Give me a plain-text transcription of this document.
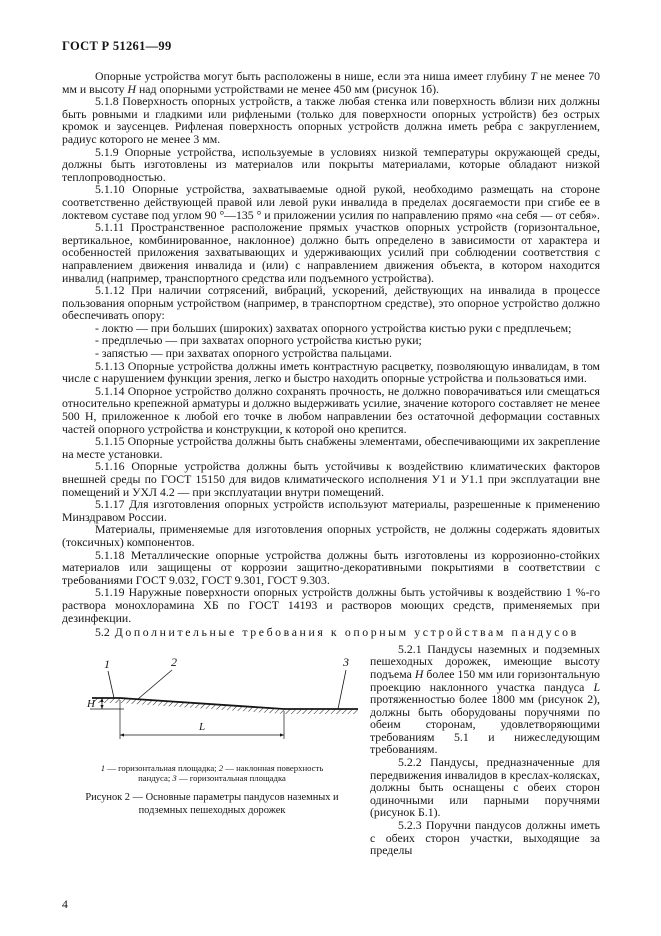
ГОСТ Р 51261—99

Опорные устройства могут быть расположены в нише, если эта ниша имеет глубину T не менее 70 мм и высоту H над опорными устройствами не менее 450 мм (рисунок 1б).

5.1.8 Поверхность опорных устройств, а также любая стенка или поверхность вблизи них должны быть ровными и гладкими или рифлеными (только для поверхности опорных устройств) без острых кромок и заусенцев. Рифленая поверхность опорных устройств должна иметь ребра с закруглением, радиус которого не менее 3 мм.

5.1.9 Опорные устройства, используемые в условиях низкой температуры окружающей среды, должны быть изготовлены из материалов или покрыты материалами, которые обладают низкой теплопроводностью.

5.1.10 Опорные устройства, захватываемые одной рукой, необходимо размещать на стороне соответственно действующей правой или левой руки инвалида в пределах досягаемости при сгибе ее в локтевом суставе под углом 90 °—135 ° и приложении усилия по направлению прямо «на себя — от себя».

5.1.11 Пространственное расположение прямых участков опорных устройств (горизонтальное, вертикальное, комбинированное, наклонное) должно быть определено в зависимости от характера и особенностей приложения захватывающих и удерживающих усилий при соблюдении соответствия с направлением движения инвалида и (или) с направлением движения объекта, в котором находится инвалид (например, транспортного средства или подъемного устройства).

5.1.12 При наличии сотрясений, вибраций, ускорений, действующих на инвалида в процессе пользования опорным устройством (например, в транспортном средстве), это опорное устройство должно обеспечивать опору:

- локтю — при больших (широких) захватах опорного устройства кистью руки с предплечьем;

- предплечью — при захватах опорного устройства кистью руки;

- запястью — при захватах опорного устройства пальцами.

5.1.13 Опорные устройства должны иметь контрастную расцветку, позволяющую инвалидам, в том числе с нарушением функции зрения, легко и быстро находить опорные устройства и пользоваться ими.

5.1.14 Опорное устройство должно сохранять прочность, не должно поворачиваться или смещаться относительно крепежной арматуры и должно выдерживать усилие, значение которого составляет не менее 500 Н, приложенное к любой его точке в любом направлении без остаточной деформации составных частей опорного устройства и конструкции, к которой оно крепится.

5.1.15 Опорные устройства должны быть снабжены элементами, обеспечивающими их закрепление на месте установки.

5.1.16 Опорные устройства должны быть устойчивы к воздействию климатических факторов внешней среды по ГОСТ 15150 для видов климатического исполнения У1 и У1.1 при эксплуатации вне помещений и УХЛ 4.2 — при эксплуатации внутри помещений.

5.1.17 Для изготовления опорных устройств используют материалы, разрешенные к применению Минздравом России.

Материалы, применяемые для изготовления опорных устройств, не должны содержать ядовитых (токсичных) компонентов.

5.1.18 Металлические опорные устройства должны быть изготовлены из коррозионно-стойких материалов или защищены от коррозии защитно-декоративными покрытиями в соответствии с требованиями ГОСТ 9.032, ГОСТ 9.301, ГОСТ 9.303.

5.1.19 Наружные поверхности опорных устройств должны быть устойчивы к воздействию 1 %-го раствора монохлорамина ХБ по ГОСТ 14193 и растворов моющих средств, применяемых при дезинфекции.

5.2 Дополнительные требования к опорным устройствам пандусов
H
L
1	2	3
1 — горизонтальная площадка; 2 — наклонная поверхность пандуса; 3 — горизонтальная площадка
Рисунок 2 — Основные параметры пандусов наземных и подземных пешеходных дорожек

5.2.1 Пандусы наземных и подземных пешеходных дорожек, имеющие высоту подъема H более 150 мм или горизонтальную проекцию наклонного участка пандуса L протяженностью более 1800 мм (рисунок 2), должны быть оборудованы поручнями по обеим сторонам, удовлетворяющими требованиям 5.1 и нижеследующим требованиям.

5.2.2 Пандусы, предназначенные для передвижения инвалидов в креслах-колясках, должны быть оснащены с обеих сторон одиночными или парными поручнями (рисунок Б.1).

5.2.3 Поручни пандусов должны иметь с обеих сторон участки, выходящие за пределы

4
